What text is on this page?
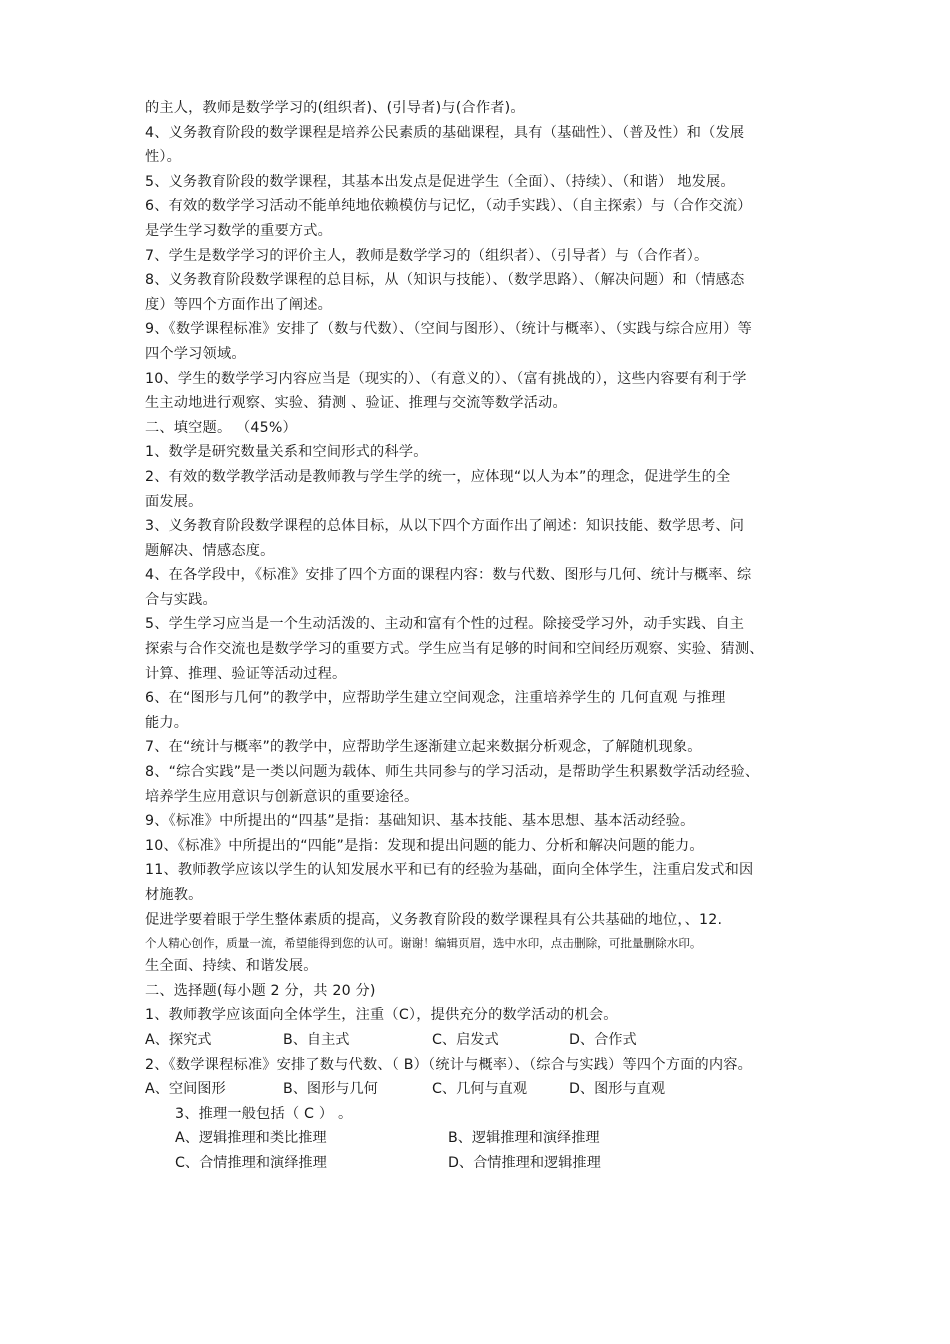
的主人，教师是数学学习的(组织者)、(引导者)与(合作者)。
4、义务教育阶段的数学课程是培养公民素质的基础课程，具有（基础性）、（普及性）和（发展
性）。
5、义务教育阶段的数学课程，其基本出发点是促进学生（全面）、（持续）、（和谐） 地发展。
6、有效的数学学习活动不能单纯地依赖模仿与记忆，（动手实践）、（自主探索）与（合作交流）
是学生学习数学的重要方式。
7、学生是数学学习的评价主人，教师是数学学习的（组织者）、（引导者）与（合作者）。
8、义务教育阶段数学课程的总目标，从（知识与技能）、（数学思路）、（解决问题）和（情感态
度）等四个方面作出了阐述。
9、《数学课程标准》安排了（数与代数）、（空间与图形）、（统计与概率）、（实践与综合应用）等
四个学习领域。
10、学生的数学学习内容应当是（现实的）、（有意义的）、（富有挑战的），这些内容要有利于学
生主动地进行观察、实验、猜测 、验证、推理与交流等数学活动。
二、填空题。 （45%）
1、数学是研究数量关系和空间形式的科学。
2、有效的数学教学活动是教师教与学生学的统一，应体现“以人为本”的理念，促进学生的全
面发展。
3、义务教育阶段数学课程的总体目标，从以下四个方面作出了阐述：知识技能、数学思考、问
题解决、情感态度。
4、在各学段中，《标准》安排了四个方面的课程内容：数与代数、图形与几何、统计与概率、综
合与实践。
5、学生学习应当是一个生动活泼的、主动和富有个性的过程。除接受学习外，动手实践、自主
探索与合作交流也是数学学习的重要方式。学生应当有足够的时间和空间经历观察、实验、猜测、
计算、推理、验证等活动过程。
6、在“图形与几何”的教学中，应帮助学生建立空间观念，注重培养学生的 几何直观 与推理
能力。
7、在“统计与概率”的教学中，应帮助学生逐渐建立起来数据分析观念，了解随机现象。
8、“综合实践”是一类以问题为载体、师生共同参与的学习活动，是帮助学生积累数学活动经验、
培养学生应用意识与创新意识的重要途径。
9、《标准》中所提出的“四基”是指：基础知识、基本技能、基本思想、基本活动经验。
10、《标准》中所提出的“四能”是指：发现和提出问题的能力、分析和解决问题的能力。
11、教师教学应该以学生的认知发展水平和已有的经验为基础，面向全体学生，注重启发式和因
材施教。
促进学要着眼于学生整体素质的提高，义务教育阶段的数学课程具有公共基础的地位，、12.
个人精心创作，质量一流，希望能得到您的认可。谢谢！编辑页眉，选中水印，点击删除，可批量删除水印。
生全面、持续、和谐发展。
二、选择题(每小题 2 分，共 20 分)
1、教师教学应该面向全体学生，注重（C），提供充分的数学活动的机会。
A、探究式	B、自主式	C、启发式	D、合作式
2、《数学课程标准》安排了数与代数、（ B）（统计与概率）、（综合与实践）等四个方面的内容。
A、空间图形	B、图形与几何	C、几何与直观	D、图形与直观
3、推理一般包括（ C ） 。
A、逻辑推理和类比推理	B、逻辑推理和演绎推理
C、合情推理和演绎推理	D、合情推理和逻辑推理
